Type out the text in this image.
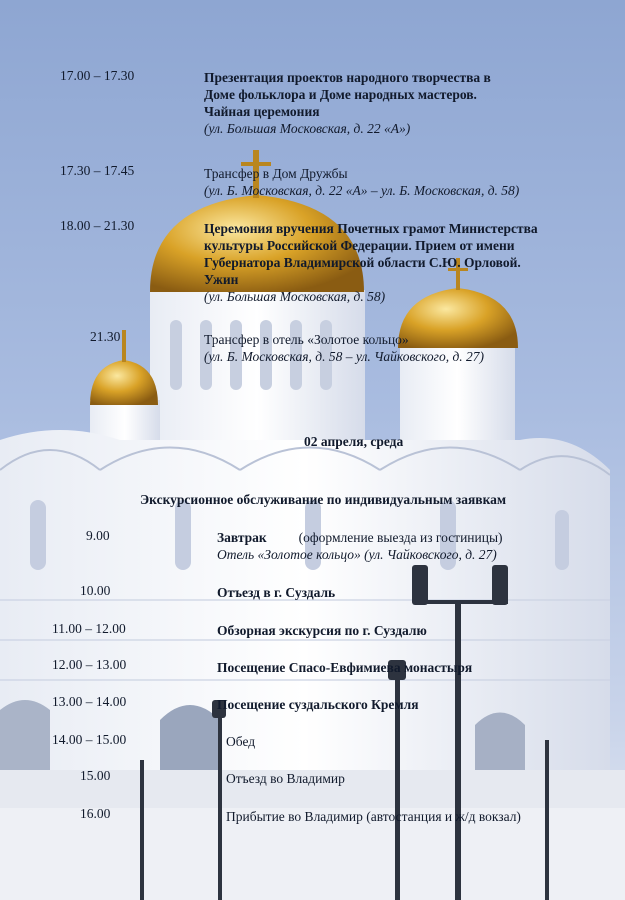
17.00 – 17.30	Презентация проектов народного творчества в
Доме фольклора и Доме народных мастеров.
Чайная церемония
(ул. Большая Московская, д. 22 «А»)
17.30 – 17.45	Трансфер в Дом Дружбы
(ул. Б. Московская, д. 22 «А» – ул. Б. Московская, д. 58)
18.00 – 21.30	Церемония вручения Почетных грамот Министерства
культуры Российской Федерации. Прием от имени
Губернатора Владимирской области С.Ю. Орловой.
Ужин
(ул. Большая Московская, д. 58)
21.30	Трансфер в отель «Золотое кольцо»
(ул. Б. Московская, д. 58 – ул. Чайковского, д. 27)
02 апреля, среда
Экскурсионное обслуживание по индивидуальным заявкам
9.00	Завтрак (оформление выезда из гостиницы)
Отель «Золотое кольцо» (ул. Чайковского, д. 27)
10.00	Отъезд в г. Суздаль
11.00 – 12.00	Обзорная экскурсия по г. Суздалю
12.00 – 13.00	Посещение Спасо-Евфимиева монастыря
13.00 – 14.00	Посещение суздальского Кремля
14.00 – 15.00	Обед
15.00	Отъезд во Владимир
16.00	Прибытие во Владимир (автостанция и ж/д вокзал)
